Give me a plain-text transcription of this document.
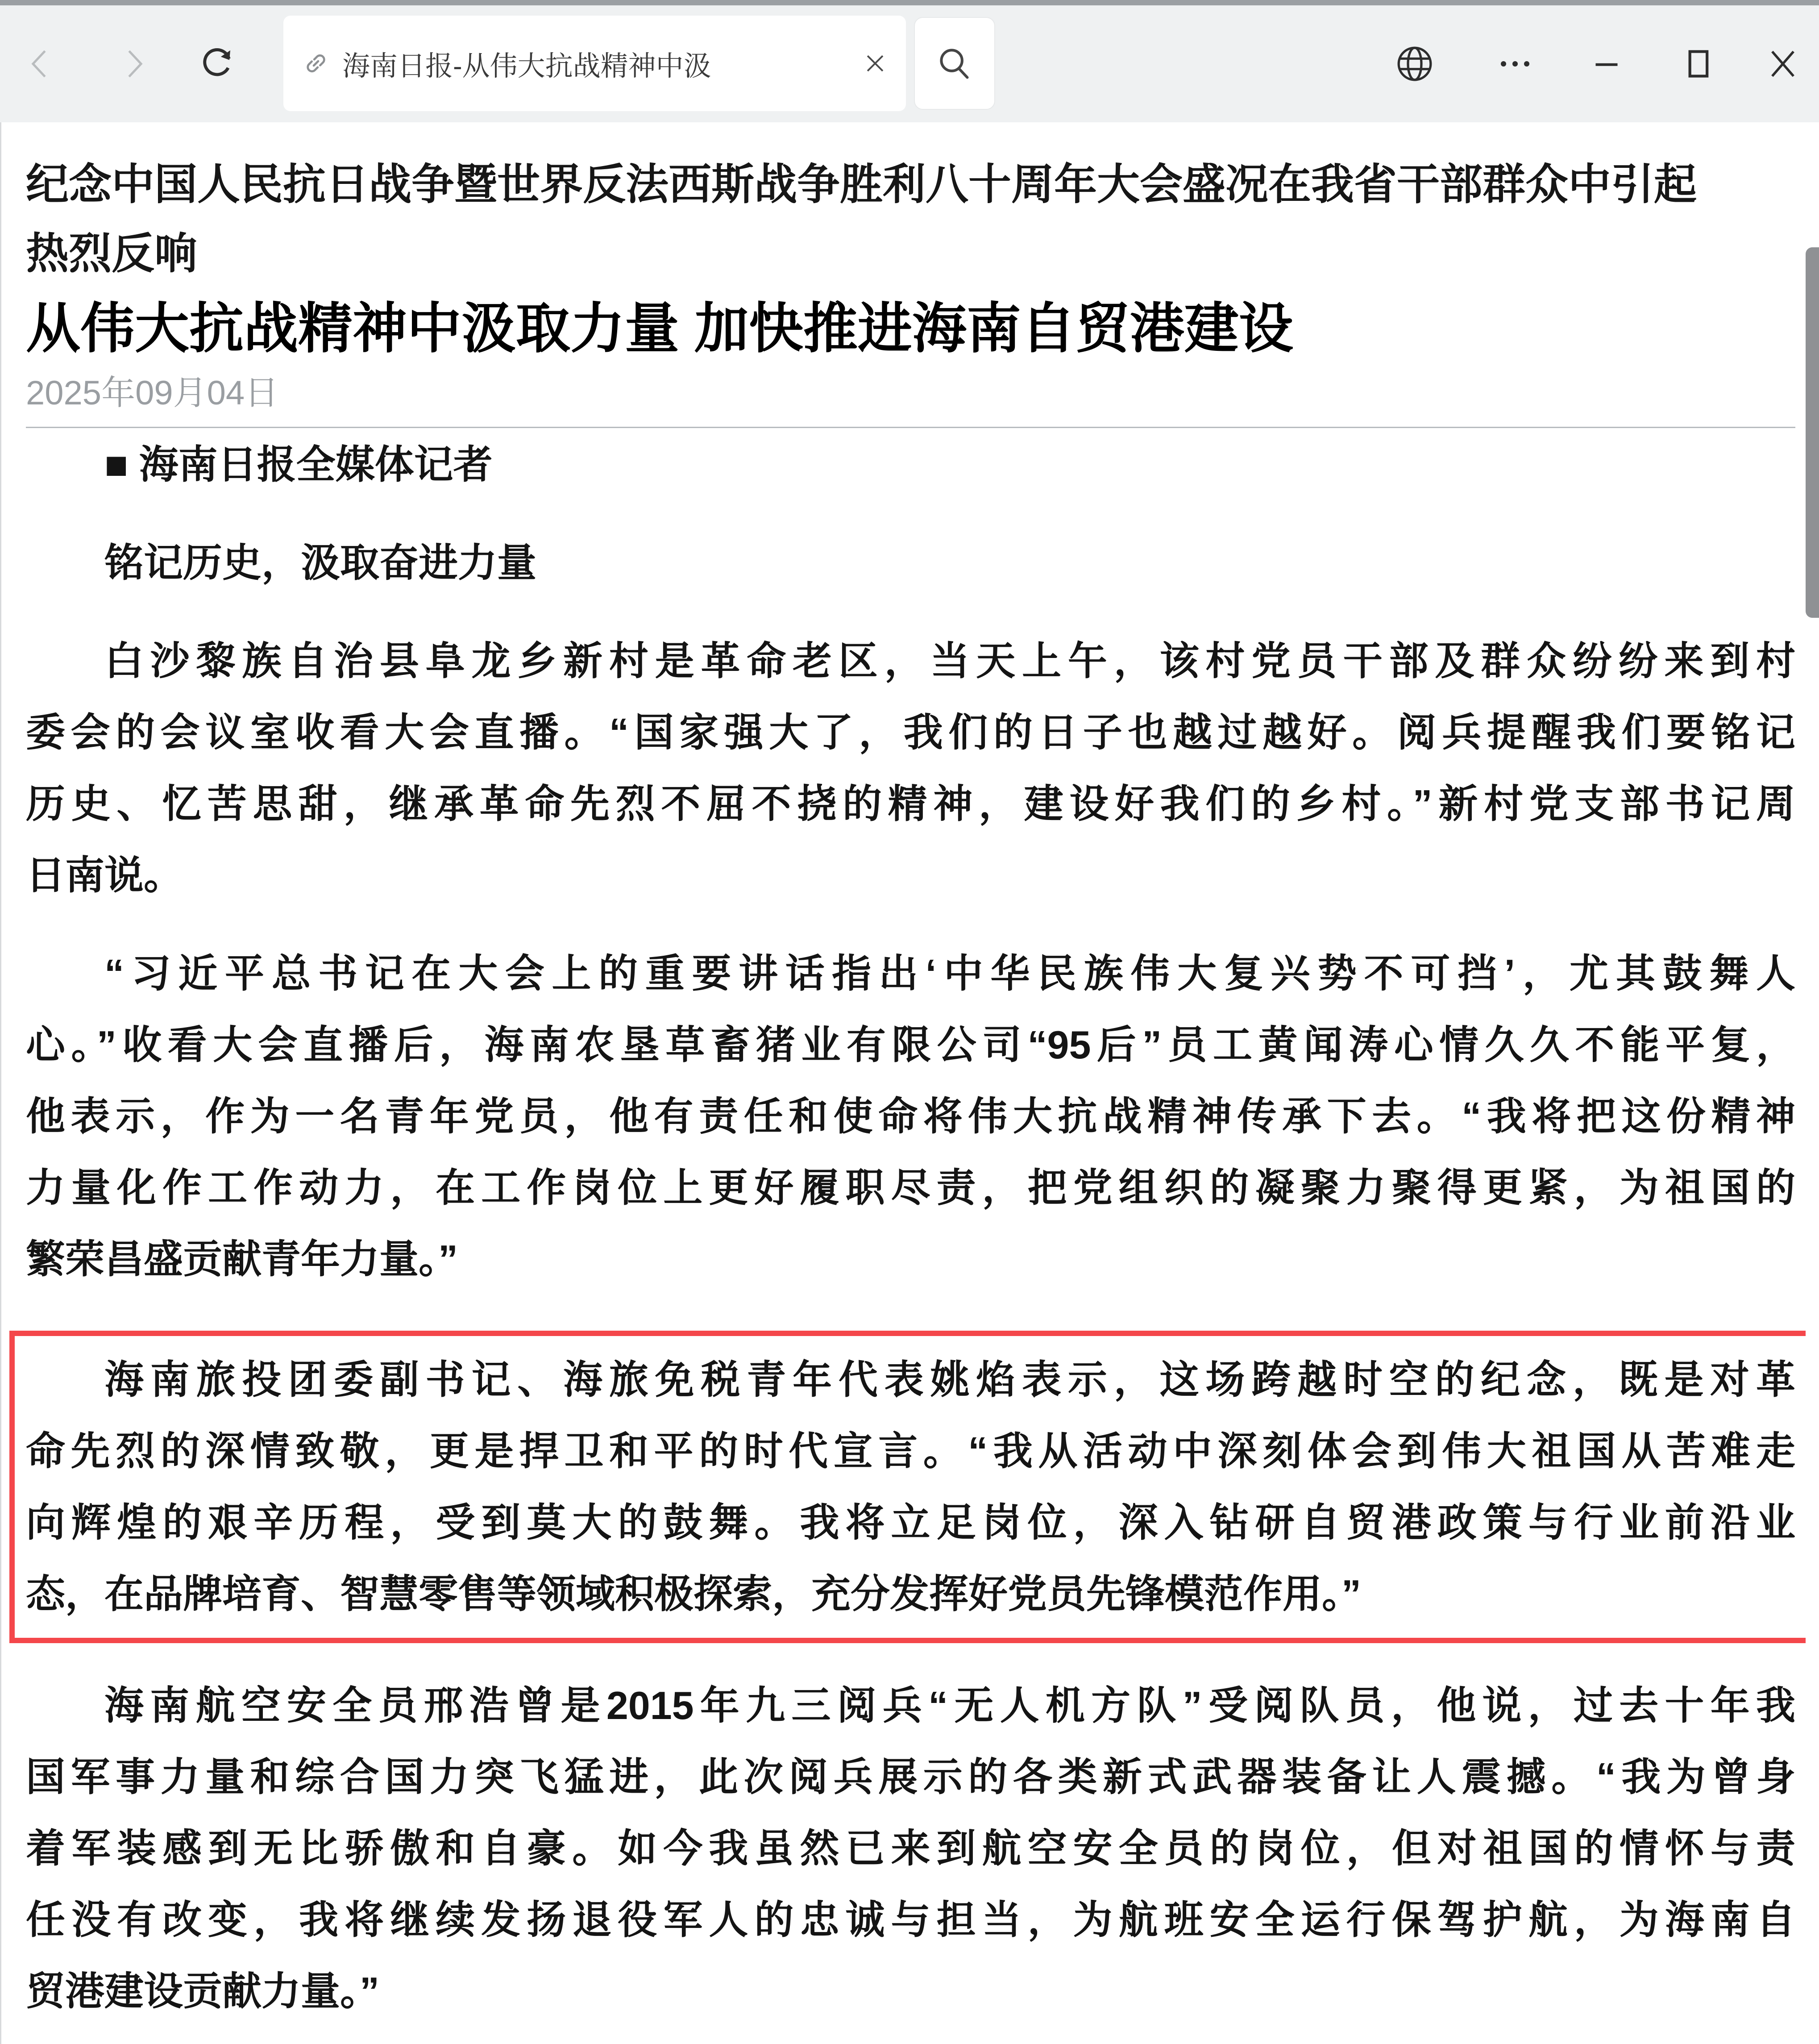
海南日报-从伟大抗战精神中汲
纪念中国人民抗日战争暨世界反法西斯战争胜利八十周年大会盛况在我省干部群众中引起
热烈反响
从伟大抗战精神中汲取力量 加快推进海南自贸港建设
2025年09月04日
■ 海南日报全媒体记者
铭记历史，汲取奋进力量
白沙黎族自治县阜龙乡新村是革命老区，当天上午，该村党员干部及群众纷纷来到村
委会的会议室收看大会直播。“国家强大了，我们的日子也越过越好。阅兵提醒我们要铭记
历史、忆苦思甜，继承革命先烈不屈不挠的精神，建设好我们的乡村。”新村党支部书记周
日南说。
“习近平总书记在大会上的重要讲话指出‘中华民族伟大复兴势不可挡’，尤其鼓舞人
心。”收看大会直播后，海南农垦草畜猪业有限公司“95后”员工黄闻涛心情久久不能平复，
他表示，作为一名青年党员，他有责任和使命将伟大抗战精神传承下去。“我将把这份精神
力量化作工作动力，在工作岗位上更好履职尽责，把党组织的凝聚力聚得更紧，为祖国的
繁荣昌盛贡献青年力量。”
海南旅投团委副书记、海旅免税青年代表姚焰表示，这场跨越时空的纪念，既是对革
命先烈的深情致敬，更是捍卫和平的时代宣言。“我从活动中深刻体会到伟大祖国从苦难走
向辉煌的艰辛历程，受到莫大的鼓舞。我将立足岗位，深入钻研自贸港政策与行业前沿业
态，在品牌培育、智慧零售等领域积极探索，充分发挥好党员先锋模范作用。”
海南航空安全员邢浩曾是2015年九三阅兵“无人机方队”受阅队员，他说，过去十年我
国军事力量和综合国力突飞猛进，此次阅兵展示的各类新式武器装备让人震撼。“我为曾身
着军装感到无比骄傲和自豪。如今我虽然已来到航空安全员的岗位，但对祖国的情怀与责
任没有改变，我将继续发扬退役军人的忠诚与担当，为航班安全运行保驾护航，为海南自
贸港建设贡献力量。”
